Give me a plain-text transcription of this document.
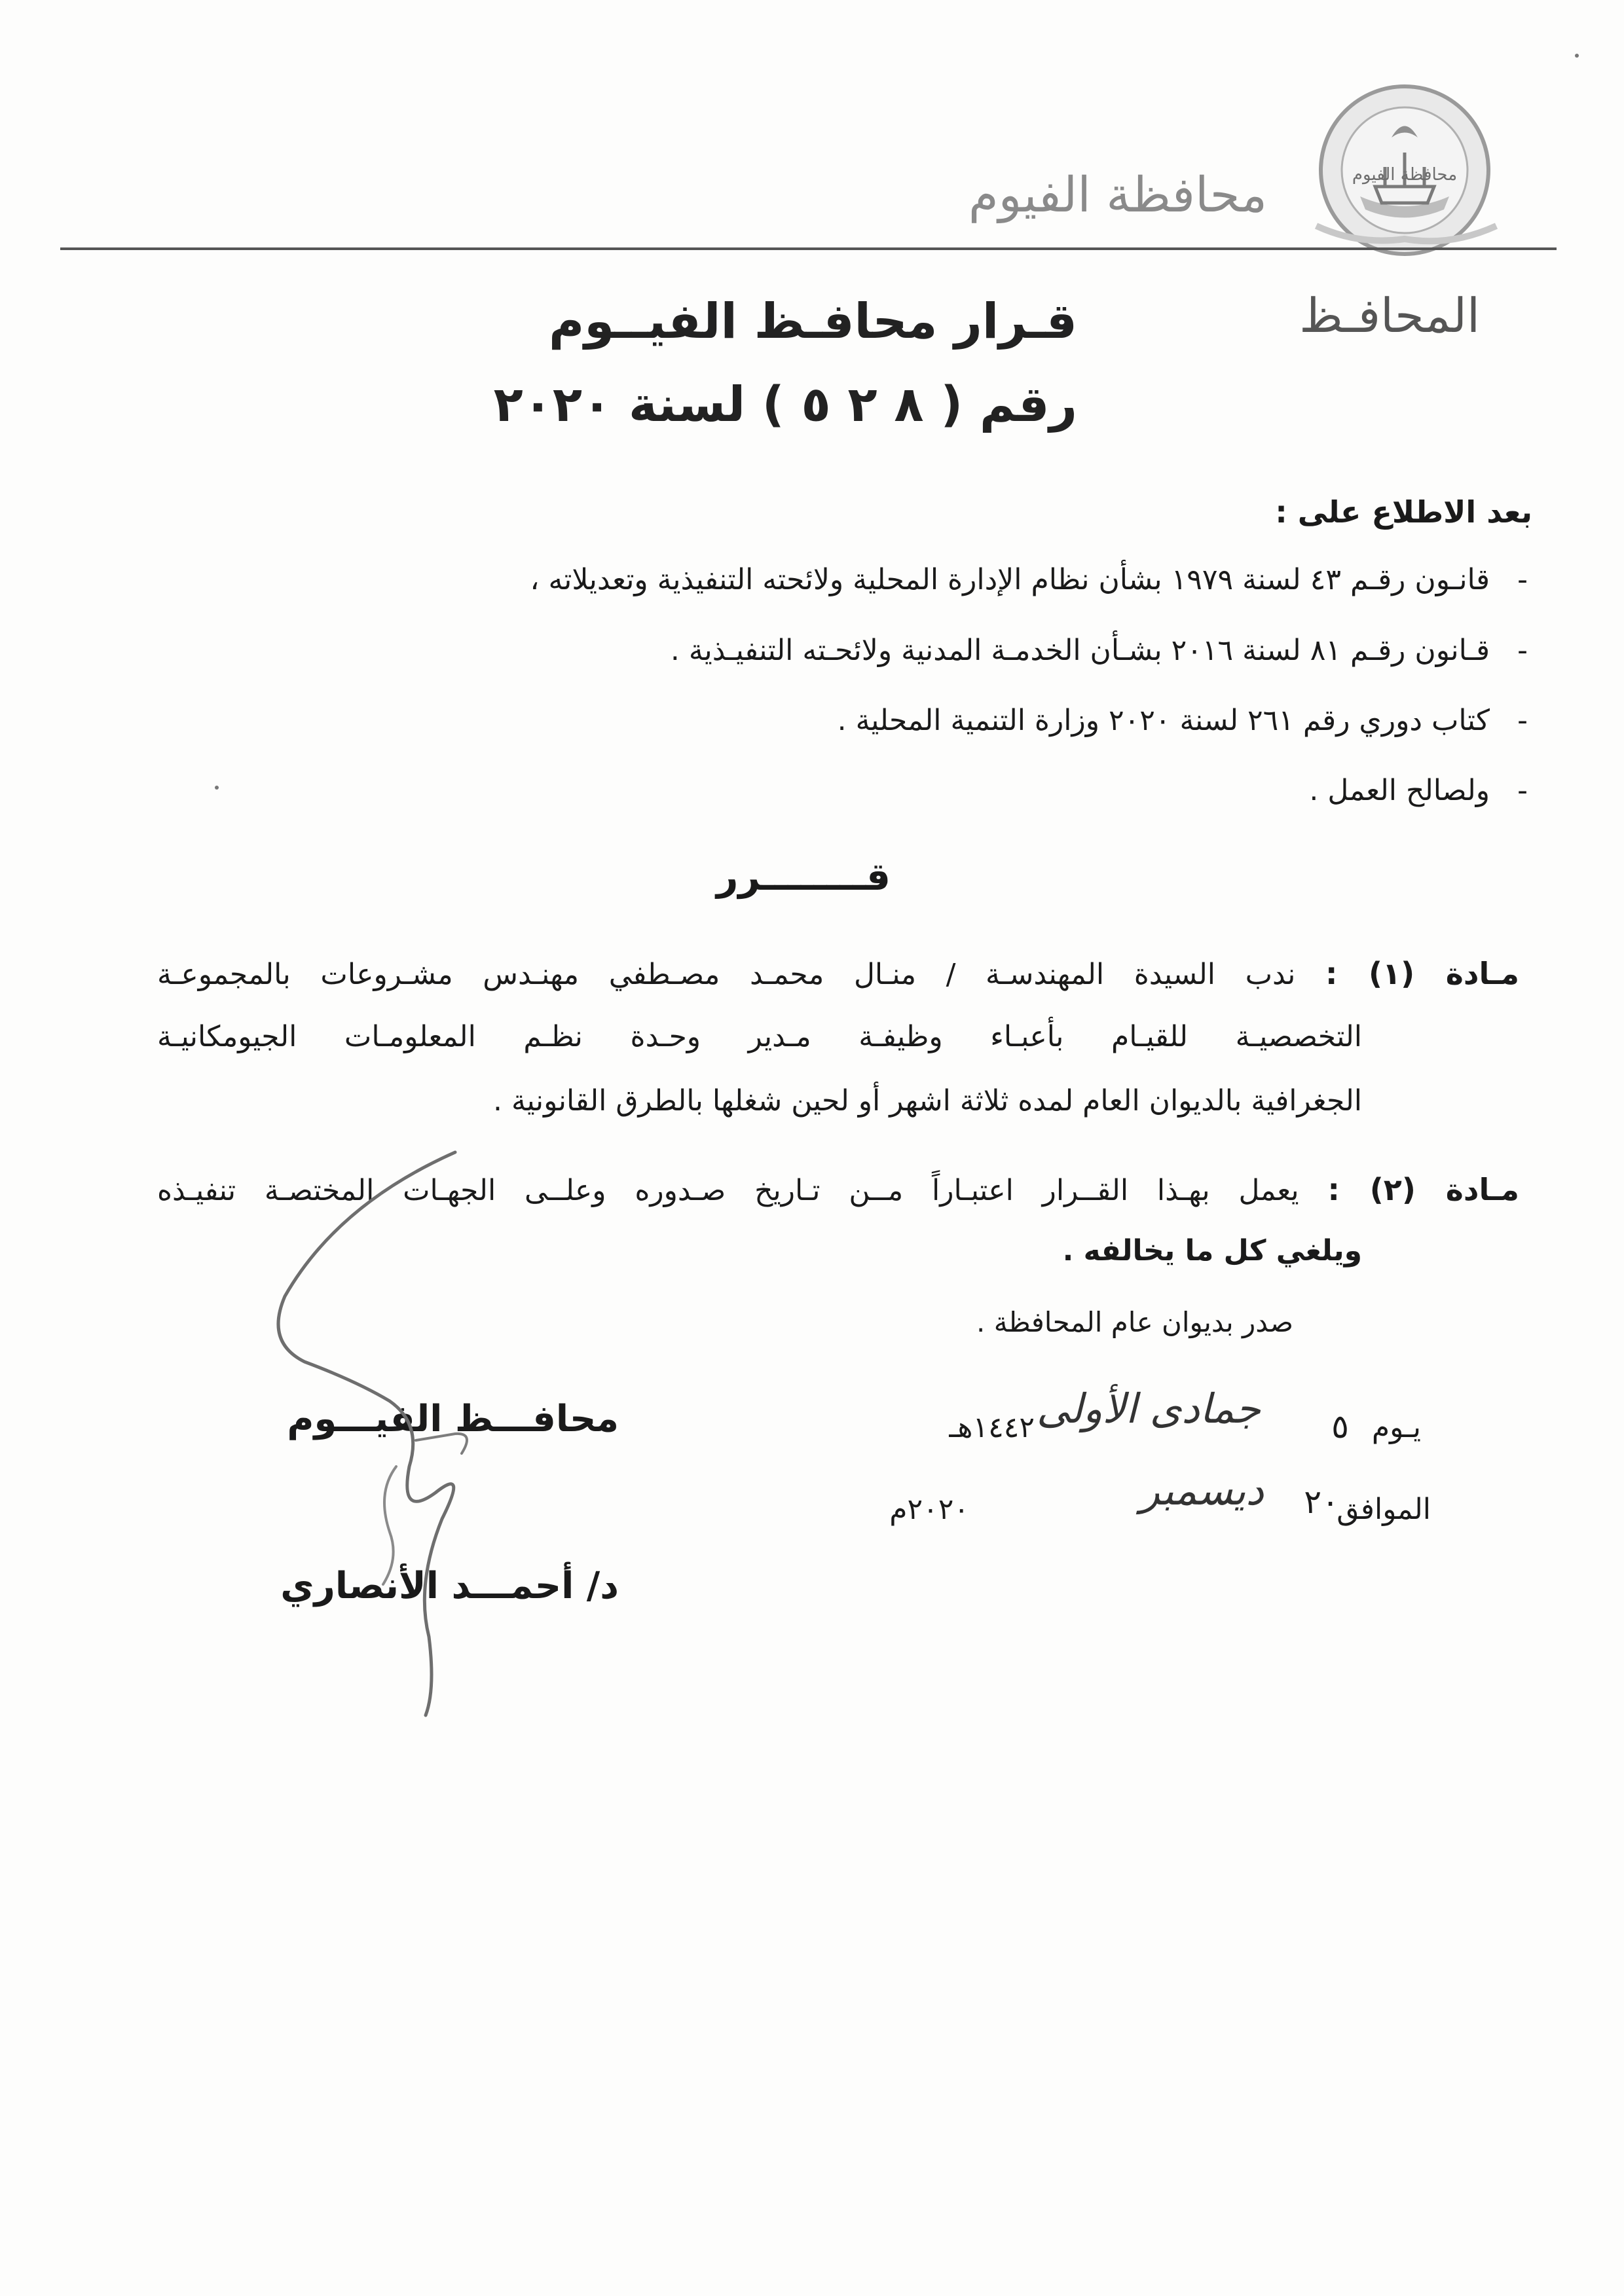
محافظة الفيوم
محافظة الفيوم
المحافـظ
قـرار محافـظ الفيــوم
رقم ( ٨ ٢ ٥ ) لسنة ٢٠٢٠
بعد الاطلاع على :
-
قانـون رقـم ٤٣ لسنة ١٩٧٩ بشأن نظام الإدارة المحلية ولائحته التنفيذية وتعديلاته ،
-
قـانون رقـم ٨١ لسنة ٢٠١٦ بشـأن الخدمـة المدنية ولائحـته التنفيـذية .
-
كتاب دوري رقم ٢٦١ لسنة ٢٠٢٠ وزارة التنمية المحلية .
-
ولصالح العمل .
قــــــــرر
مـادة (١) : ندب السيدة المهندسـة / منـال محمـد مصـطفي مهنـدس مشـروعات بالمجموعـة
التخصصيـة للقيـام بأعبـاء وظيفـة مـدير وحـدة نظـم المعلومـات الجيومكانيـة
الجغرافية بالديوان العام لمده ثلاثة اشهر أو لحين شغلها بالطرق القانونية .
مـادة (٢) : يعمل بهـذا القــرار اعتبـاراً مــن تـاريخ صـدوره وعلــى الجهـات المختصـة تنفيـذه
ويلغي كل ما يخالفه .
صدر بديوان عام المحافظة .
محافـــظ الفيـــوم
د/ أحمـــد الأنصاري
يـوم
٥
جمادى الأولى
١٤٤٢هـ
الموافق
٢٠
ديسمبر
٢٠٢٠م
